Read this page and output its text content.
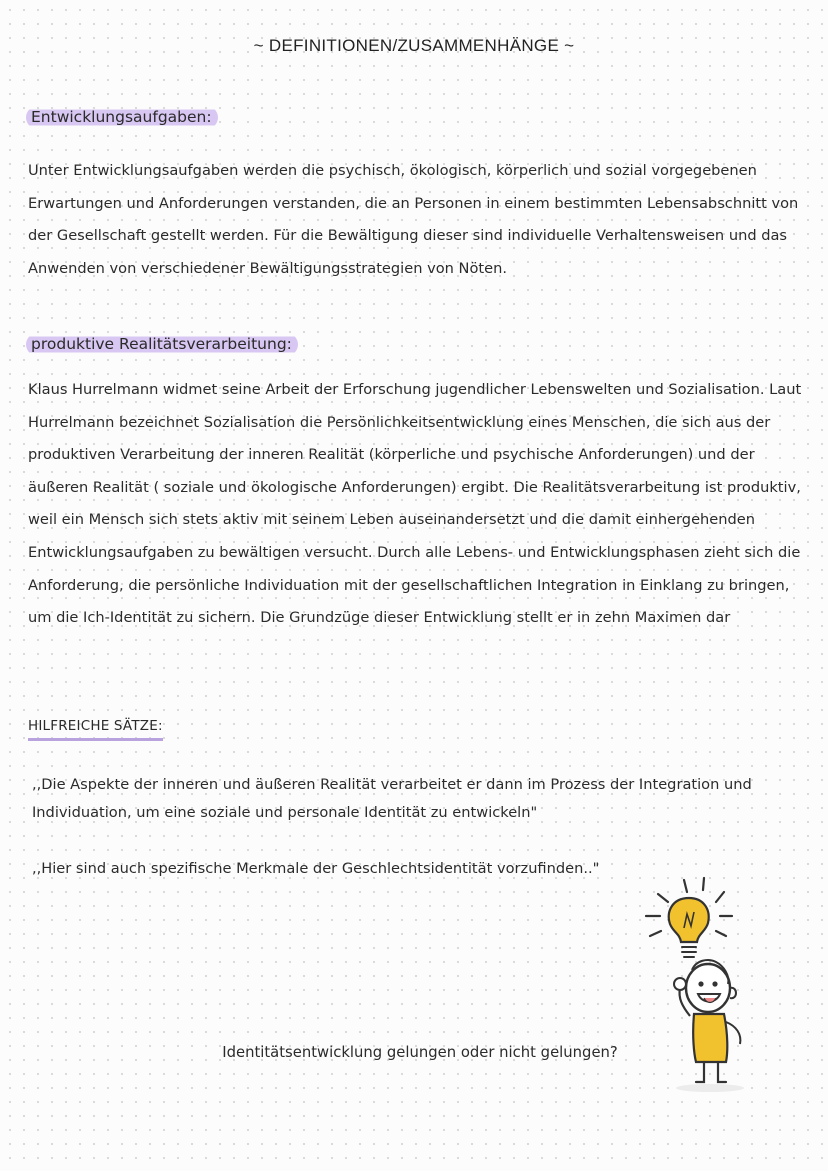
~ DEFINITIONEN/ZUSAMMENHÄNGE ~
Entwicklungsaufgaben:

Unter Entwicklungsaufgaben werden die psychisch, ökologisch, körperlich und sozial vorgegebenen Erwartungen und Anforderungen verstanden, die an Personen in einem bestimmten Lebensabschnitt von der Gesellschaft gestellt werden. Für die Bewältigung dieser sind individuelle Verhaltensweisen und das Anwenden von verschiedener Bewältigungsstrategien von Nöten.

produktive Realitätsverarbeitung:

Klaus Hurrelmann widmet seine Arbeit der Erforschung jugendlicher Lebenswelten und Sozialisation. Laut Hurrelmann bezeichnet Sozialisation die Persönlichkeitsentwicklung eines Menschen, die sich aus der produktiven Verarbeitung der inneren Realität (körperliche und psychische Anforderungen) und der äußeren Realität ( soziale und ökologische Anforderungen) ergibt. Die Realitätsverarbeitung ist produktiv, weil ein Mensch sich stets aktiv mit seinem Leben auseinandersetzt und die damit einhergehenden Entwicklungsaufgaben zu bewältigen versucht. Durch alle Lebens- und Entwicklungsphasen zieht sich die Anforderung, die persönliche Individuation mit der gesellschaftlichen Integration in Einklang zu bringen, um die Ich-Identität zu sichern. Die Grundzüge dieser Entwicklung stellt er in zehn Maximen dar

HILFREICHE SÄTZE:

,,Die Aspekte der inneren und äußeren Realität verarbeitet er dann im Prozess der Integration und Individuation, um eine soziale und personale Identität zu entwickeln"

,,Hier sind auch spezifische Merkmale der Geschlechtsidentität vorzufinden.."

Identitätsentwicklung gelungen oder nicht gelungen?
